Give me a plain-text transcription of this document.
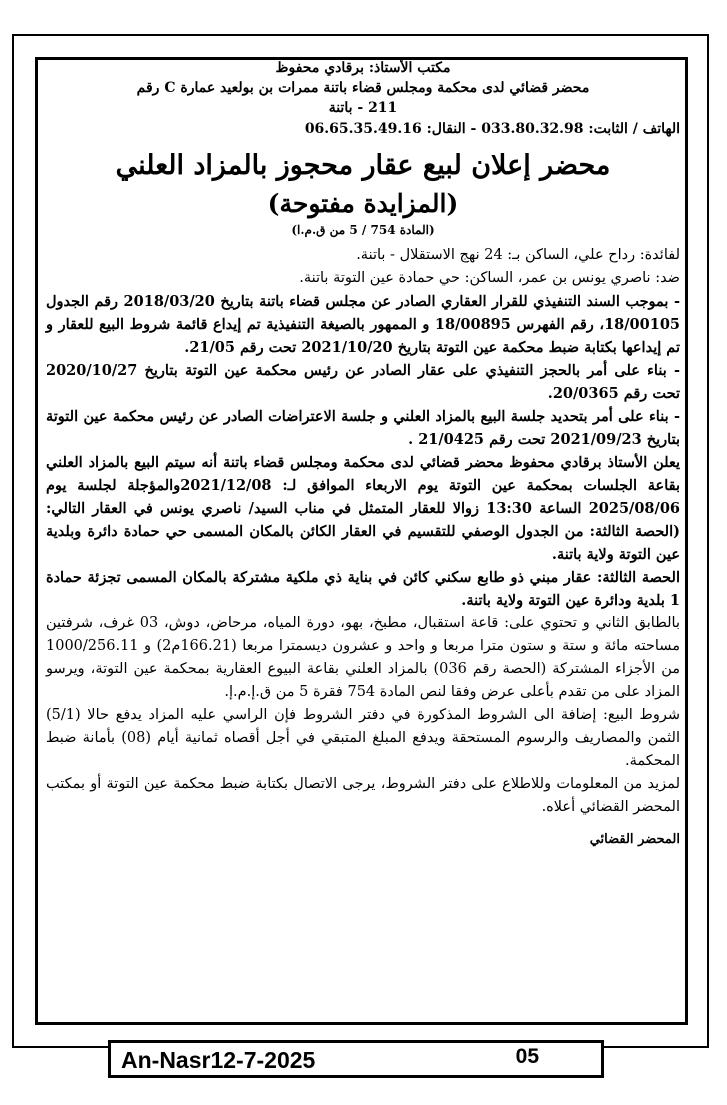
مكتب الأستاذ: برقادي محفوظ

محضر قضائي لدى محكمة ومجلس قضاء باتنة ممرات بن بولعيد عمارة C رقم

211 - باتنة

الهاتف / الثابت: 033.80.32.98 - النقال: 06.65.35.49.16

محضر إعلان لبيع عقار محجوز بالمزاد العلني
(المزايدة مفتوحة)

(المادة 754 / 5 من ق.م.ا)

لفائدة: رداح علي، الساكن بـ: 24 نهج الاستقلال - باتنة.

ضد: ناصري يونس بن عمر، الساكن: حي حمادة عين التوتة باتنة.

- بموجب السند التنفيذي للقرار العقاري الصادر عن مجلس قضاء باتنة بتاريخ 2018/03/20 رقم الجدول 18/00105، رقم الفهرس 18/00895 و الممهور بالصيغة التنفيذية تم إيداع قائمة شروط البيع للعقار و تم إيداعها بكتابة ضبط محكمة عين التوتة بتاريخ 2021/10/20 تحت رقم 21/05.

- بناء على أمر بالحجز التنفيذي على عقار الصادر عن رئيس محكمة عين التوتة بتاريخ 2020/10/27 تحت رقم 20/0365.

- بناء على أمر بتحديد جلسة البيع بالمزاد العلني و جلسة الاعتراضات الصادر عن رئيس محكمة عين التوتة بتاريخ 2021/09/23 تحت رقم 21/0425 .

يعلن الأستاذ برقادي محفوظ محضر قضائي لدى محكمة ومجلس قضاء باتنة أنه سيتم البيع بالمزاد العلني بقاعة الجلسات بمحكمة عين التوتة يوم الاربعاء الموافق لـ: 2021/12/08والمؤجلة لجلسة يوم 2025/08/06 الساعة 13:30 زوالا للعقار المتمثل في مناب السيد/ ناصري يونس في العقار التالي: (الحصة الثالثة: من الجدول الوصفي للتقسيم في العقار الكائن بالمكان المسمى حي حمادة دائرة وبلدية عين التوتة ولاية باتنة.

الحصة الثالثة: عقار مبني ذو طابع سكني كائن في بناية ذي ملكية مشتركة بالمكان المسمى تجزئة حمادة 1 بلدية ودائرة عين التوتة ولاية باتنة.

بالطابق الثاني و تحتوي على: قاعة استقبال، مطبخ، بهو، دورة المياه، مرحاض، دوش، 03 غرف، شرفتين مساحته مائة و ستة و ستون مترا مربعا و واحد و عشرون ديسمترا مربعا (166.21م2) و 1000/256.11 من الأجزاء المشتركة (الحصة رقم 036) بالمزاد العلني بقاعة البيوع العقارية بمحكمة عين التوتة، ويرسو المزاد على من تقدم بأعلى عرض وفقا لنص المادة 754 فقرة 5 من ق.إ.م.إ.

شروط البيع: إضافة الى الشروط المذكورة في دفتر الشروط فإن الراسي عليه المزاد يدفع حالا (5/1) الثمن والمصاريف والرسوم المستحقة ويدفع المبلغ المتبقي في أجل أقصاه ثمانية أيام (08) بأمانة ضبط المحكمة.

لمزيد من المعلومات وللاطلاع على دفتر الشروط، يرجى الاتصال بكتابة ضبط محكمة عين التوتة أو بمكتب المحضر القضائي أعلاه.

المحضر القضائي

An-Nasr12-7-2025	05
